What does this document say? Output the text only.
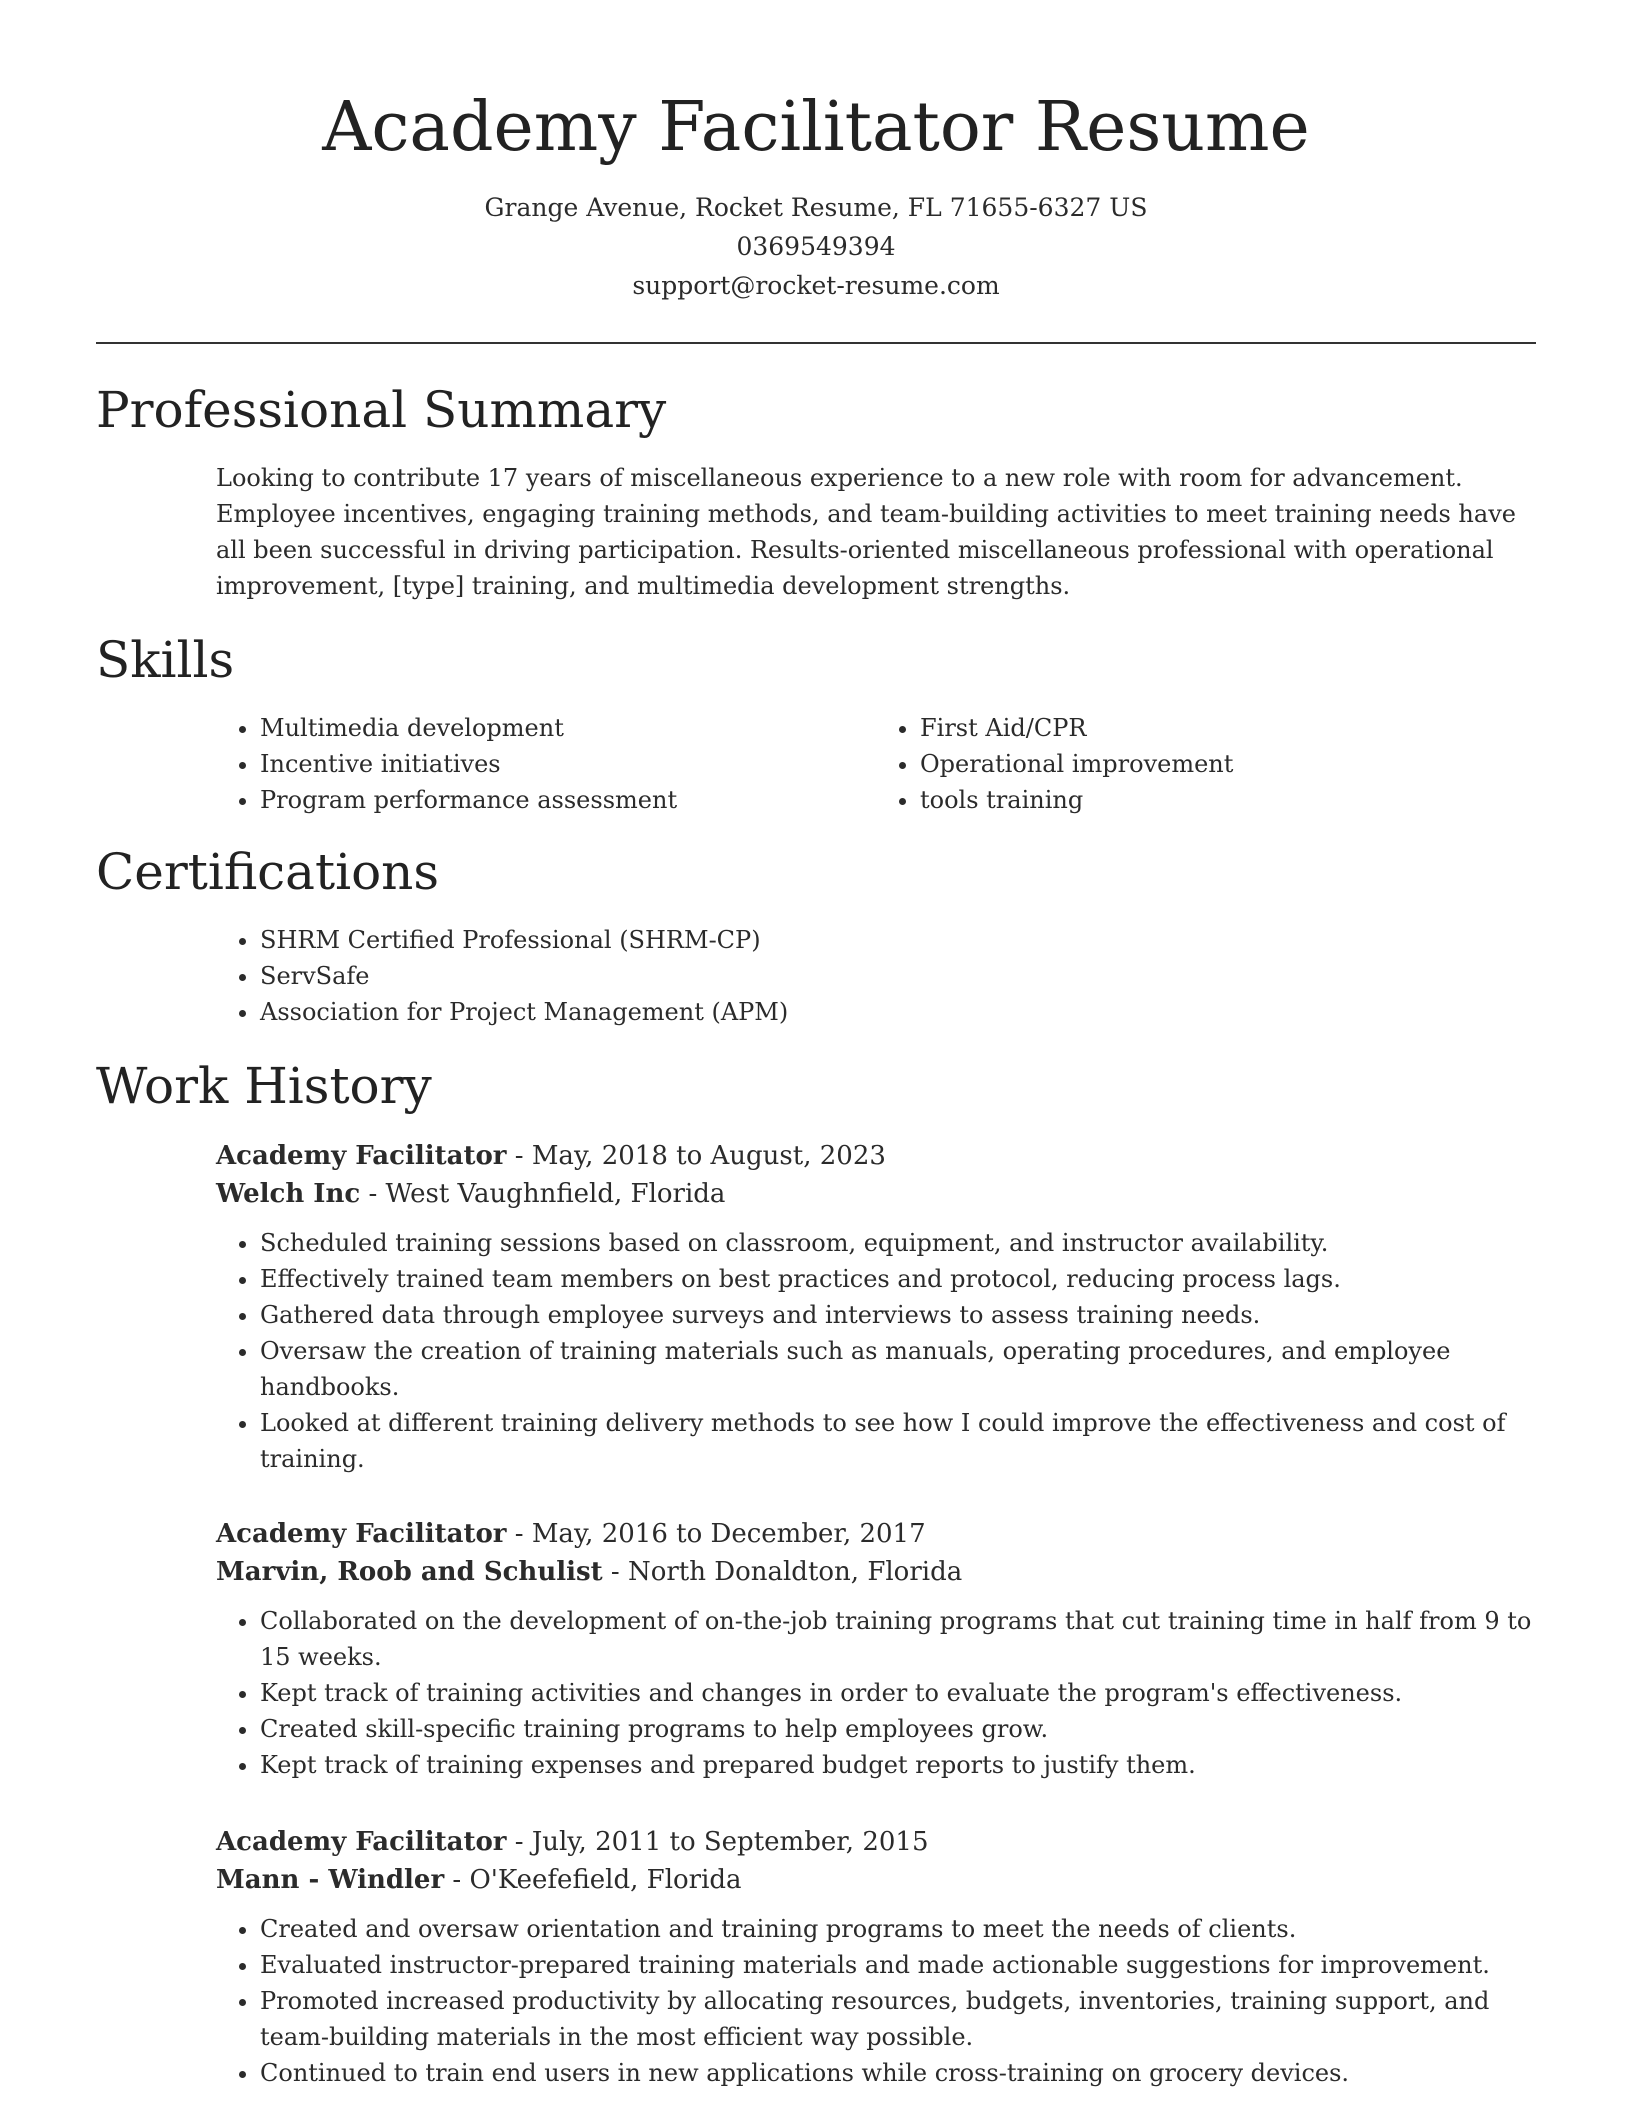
Academy Facilitator Resume
Grange Avenue, Rocket Resume, FL 71655-6327 US
0369549394
support@rocket-resume.com
Professional Summary

Looking to contribute 17 years of miscellaneous experience to a new role with room for advancement. Employee incentives, engaging training methods, and team-building activities to meet training needs have all been successful in driving participation. Results-oriented miscellaneous professional with operational improvement, [type] training, and multimedia development strengths.

Skills
• Multimedia development
• Incentive initiatives
• Program performance assessment
• First Aid/CPR
• Operational improvement
• tools training
Certifications
• SHRM Certified Professional (SHRM-CP)
• ServSafe
• Association for Project Management (APM)
Work History
Academy Facilitator - May, 2018 to August, 2023
Welch Inc - West Vaughnfield, Florida
• Scheduled training sessions based on classroom, equipment, and instructor availability.
• Effectively trained team members on best practices and protocol, reducing process lags.
• Gathered data through employee surveys and interviews to assess training needs.
• Oversaw the creation of training materials such as manuals, operating procedures, and employee handbooks.
• Looked at different training delivery methods to see how I could improve the effectiveness and cost of training.
Academy Facilitator - May, 2016 to December, 2017
Marvin, Roob and Schulist - North Donaldton, Florida
• Collaborated on the development of on-the-job training programs that cut training time in half from 9 to 15 weeks.
• Kept track of training activities and changes in order to evaluate the program's effectiveness.
• Created skill-specific training programs to help employees grow.
• Kept track of training expenses and prepared budget reports to justify them.
Academy Facilitator - July, 2011 to September, 2015
Mann - Windler - O'Keefefield, Florida
• Created and oversaw orientation and training programs to meet the needs of clients.
• Evaluated instructor-prepared training materials and made actionable suggestions for improvement.
• Promoted increased productivity by allocating resources, budgets, inventories, training support, and team-building materials in the most efficient way possible.
• Continued to train end users in new applications while cross-training on grocery devices.
